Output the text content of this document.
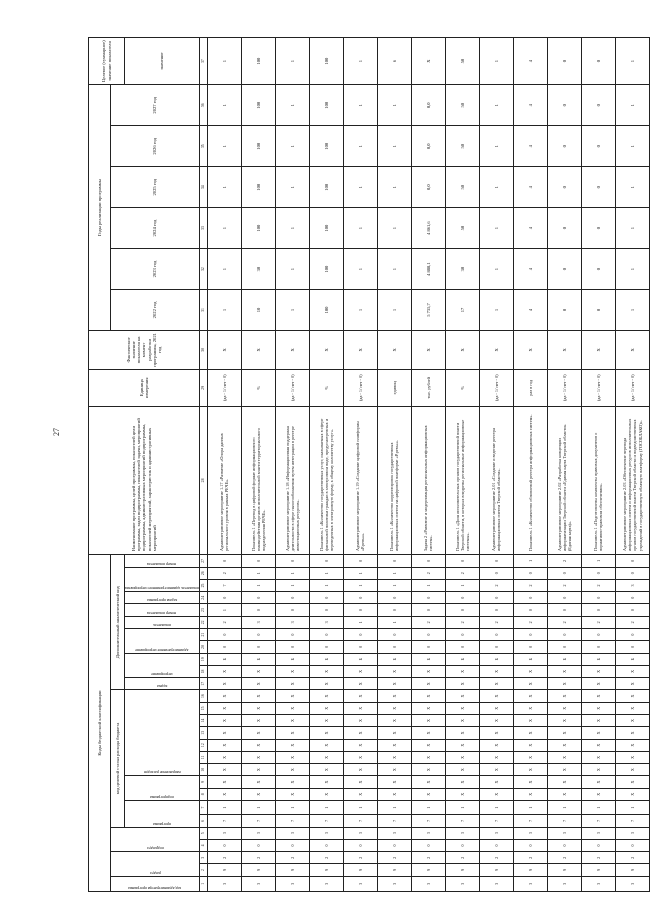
27
Коды бюджетной классификации																											Наименование программы, целей программы, показателей цели программы, задач подпрограммы, показателей задачи, мероприятий подпрограммы, административных мероприятий подпрограммы, показателей мероприятий, характеристик и административных мероприятий	Единица измерения	Фактическое значение показателя на момент разработки программы, 2021 год	Годы реализации программы						Целевое (суммарное) значение показателя

код администратора программы	раздел		подраздел		код целевой статьи расхода бюджета											Дополнительный аналитический код														2022 год	2023 год	2024 год	2025 год	2026 год	2027 год	

					программа		подпрограмма		направление расходов							задача	мероприятие		административное мероприятие		показатель	номер показателя	задача программы	показатель административного мероприятия		номер показателя										значение
1	2	3	4	5	6	7	8	9	10	11	12	13	14	15	16	17	18	19	20	21	22	23	24	25	26	27	28	29	30	31	32	33	34	35	36	37
3	9	2	0	3	7	1	Х	Х	Х	Х	Х	Х	Х	Х	Х	Х	Х	Б	0	0	2	1	0	7	2	0	Административное мероприятие 1.17 «Развитие «Опора данных регионального уровня в рамках РЕЧЕ».	(да - 1/ нет - 0)	Х	1	1	1	1	1	1	1
3	9	2	0	3	7	1	Х	Х	Х	Х	Х	Х	Х	Х	Х	Х	Х	Б	0	0	3	0	0	1	1	0	Показатель 1 «Перевод в цифровой формат информационного взаимодействия органов исполнительной власти территориального подразделения РЕЧЕ».	%	Х	10	30	100	100	100	100	100
3	9	2	0	3	7	1	Х	Х	Х	Х	Х	Х	Х	Х	Х	Х	Х	Б	0	0	3	0	0	1	1	0	Административное мероприятие 1.18 «Информационная поддержка деятельности в сфере налогообложения путем интеграции в реестре инвестиционных ресурсов».	(да - 1/ нет - 0)	Х	1	1	1	1	1	1	1
3	9	2	0	3	7	1	Х	Х	Х	Х	Х	Х	Х	Х	Х	Х	Х	Б	0	0	3	0	0	1	1	0	Показатель 1 «Количество государственных услуг, оказываемых в сфере фискальной политики граждан в электронном виде, предусмотренных и переведенных в электронную форму, к общему количеству услуг».	%	Х	100	100	100	100	100	100	100
3	9	2	0	3	7	1	Х	Х	Х	Х	Х	Х	Х	Х	Х	Х	Х	Б	0	0	1	0	0	1	1	0	Административное мероприятие 1.19 «Создание цифровой платформы «Р.ревь»».	(да - 1/ нет - 0)	Х	1	1	1	1	1	1	1
3	9	2	0	3	7	1	Х	Х	Х	Х	Х	Х	Х	Х	Х	Х	Х	Б	0	0	1	0	0	1	1	0	Показатель 1 «Количество корректировок государственных информационных систем на цифровой платформе «Р.ревь»».	единиц	Х	1	1	1	1	1	1	6
3	9	2	0	3	7	1	Х	Х	Х	Х	Х	Х	Х	Х	Х	Х	Х	Б	0	0	2	0	0	1	2	0	Задача 2 «Развитие и модернизация региональных информационных систем».	тыс. рублей	Х	5 735,7	4 888,1	4 861,6	0,0	0,0	0,0	Х
3	9	2	0	3	7	1	Х	Х	Х	Х	Х	Х	Х	Х	Х	Х	Х	Б	0	0	2	0	0	1	2	0	Показатель 1 «Доля исполнительных органов государственной власти Тверской области, в которых внедрены региональные информационные системы».	%	Х	17	30	50	50	50	50	50
3	9	2	0	3	7	1	Х	Х	Х	Х	Х	Х	Х	Х	Х	Х	Х	Б	0	0	2	0	0	2	0	0	Административное мероприятие 2.01 «Создание и ведение реестра информационных систем Тверской области».	(да - 1/ нет - 0)	Х	1	1	1	1	1	1	1
3	9	2	0	3	7	1	Х	Х	Х	Х	Х	Х	Х	Х	Х	Х	Х	Б	0	0	2	0	0	2	0	1	Показатель 1 «Количество обновлений реестра информационных систем».	раз в год	Х	4	4	4	4	4	4	4
3	9	2	0	3	7	1	Х	Х	Х	Х	Х	Х	Х	Х	Х	Х	Х	Б	0	0	2	0	0	2	0	2	Административное мероприятие 2.02 «Разработка концепции информатизации Тверской области «Единая карта Тверской области» (Единая карта)».	(да - 1/ нет - 0)	Х	0	0	0	0	0	0	0
3	9	2	0	3	7	1	Х	Х	Х	Х	Х	Х	Х	Х	Х	Х	Х	Б	0	0	2	0	0	2	0	1	Показатель 1 «Подготовлены комплекты правовых документов о нормативно-правовом обеспечении».	(да - 1/ нет - 0)	Х	0	0	0	0	0	0	0
3	9	2	0	3	7	1	Х	Х	Х	Х	Х	Х	Х	Х	Х	Х	Х	Б	0	0	2	0	0	3	0	0	Административное мероприятие 2.03 «Обеспечение перевода информационных систем и информационных ресурсов исполнительных органов государственной власти Тверской области и подведомственных учреждений в государственную облачную платформу (ГОСОБЛАКО)».	(да - 1/ нет - 0)	Х	1	1	1	1	1	1	1
